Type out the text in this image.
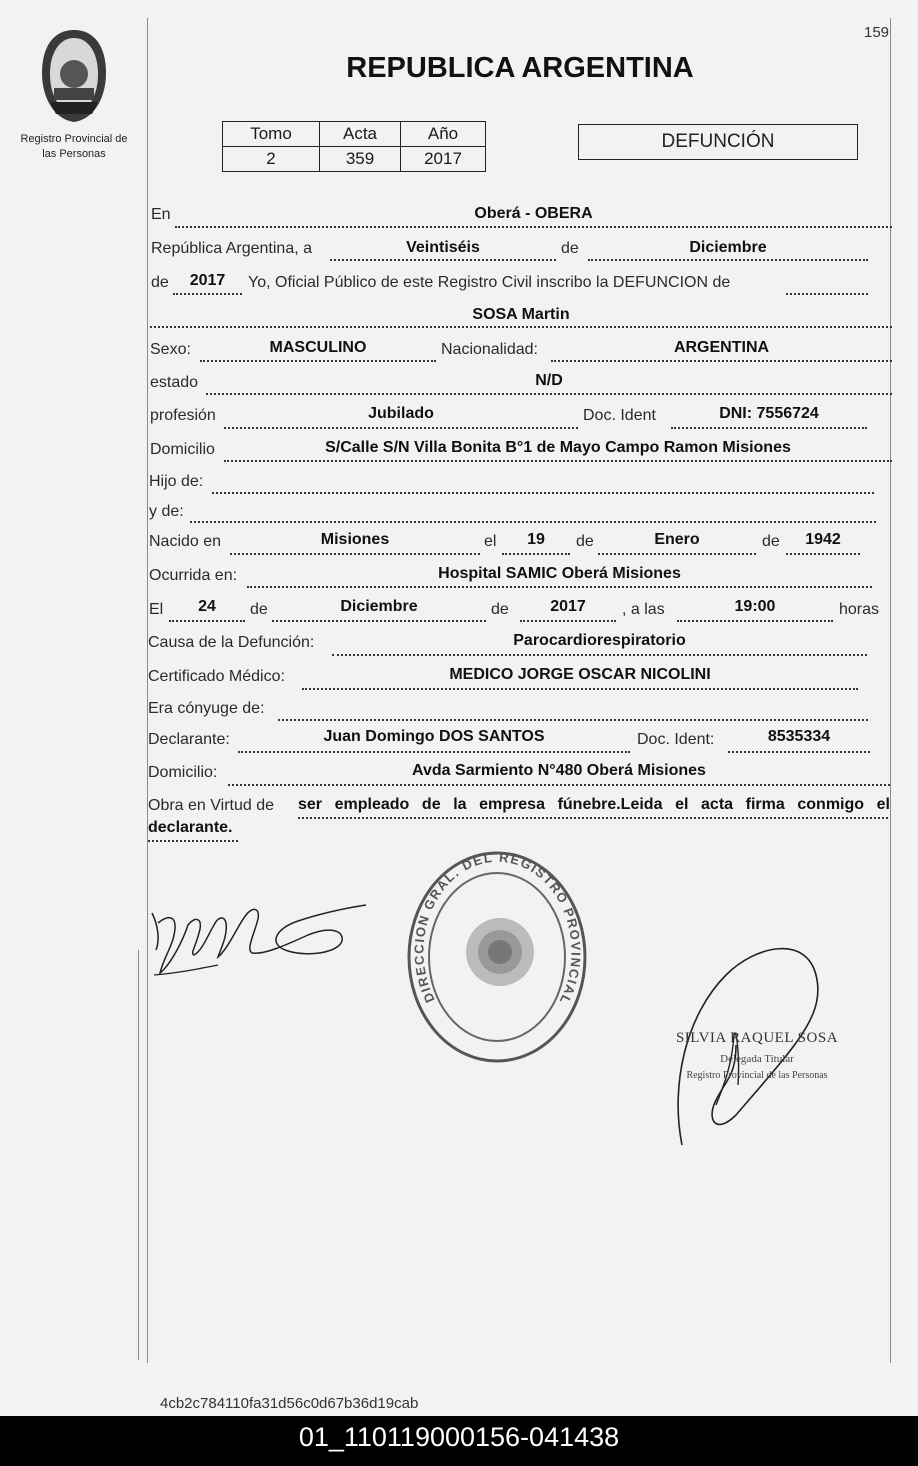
159
Registro Provincial de
las Personas
REPUBLICA ARGENTINA
Tomo	Acta	Año
2	359	2017
DEFUNCIÓN
En	Oberá - OBERA
República Argentina, a	Veintiséis	de	Diciembre
de	2017	Yo, Oficial Público de este Registro Civil inscribo la DEFUNCION de
SOSA Martin
Sexo:	MASCULINO	Nacionalidad:	ARGENTINA
estado	N/D
profesión	Jubilado	Doc. Ident	DNI: 7556724
Domicilio	S/Calle S/N Villa Bonita B°1 de Mayo Campo Ramon Misiones
Hijo de:
y de:
Nacido en	Misiones	el	19	de	Enero	de	1942
Ocurrida en:	Hospital SAMIC Oberá Misiones
El	24	de	Diciembre	de	2017	, a las	19:00	horas
Causa de la Defunción:	Parocardiorespiratorio
Certificado Médico:	MEDICO JORGE OSCAR NICOLINI
Era cónyuge de:
Declarante:	Juan Domingo DOS SANTOS	Doc. Ident:	8535334
Domicilio:	Avda Sarmiento N°480 Oberá Misiones
Obra en Virtud de ser empleado de la empresa fúnebre.Leida el acta firma conmigo el
declarante.
DIRECCION GRAL. DEL REGISTRO PROVINCIAL
SILVIA RAQUEL SOSA
Delegada Titular
Registro Provincial de las Personas
4cb2c784110fa31d56c0d67b36d19cab
01_110119000156-041438
